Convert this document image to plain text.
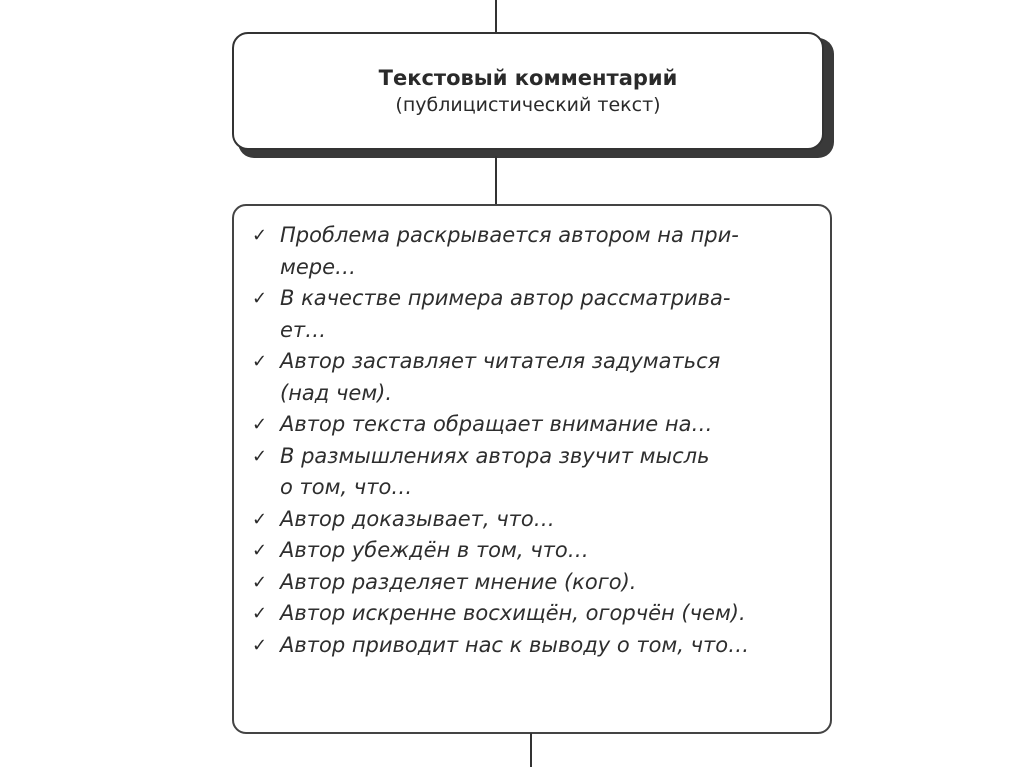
Текстовый комментарий
(публицистический текст)
✓ Проблема раскрывается автором на при-
мере…
✓ В качестве примера автор рассматрива-
ет…
✓ Автор заставляет читателя задуматься
(над чем).
✓ Автор текста обращает внимание на…
✓ В размышлениях автора звучит мысль
о том, что…
✓ Автор доказывает, что…
✓ Автор убеждён в том, что…
✓ Автор разделяет мнение (кого).
✓ Автор искренне восхищён, огорчён (чем).
✓ Автор приводит нас к выводу о том, что…
